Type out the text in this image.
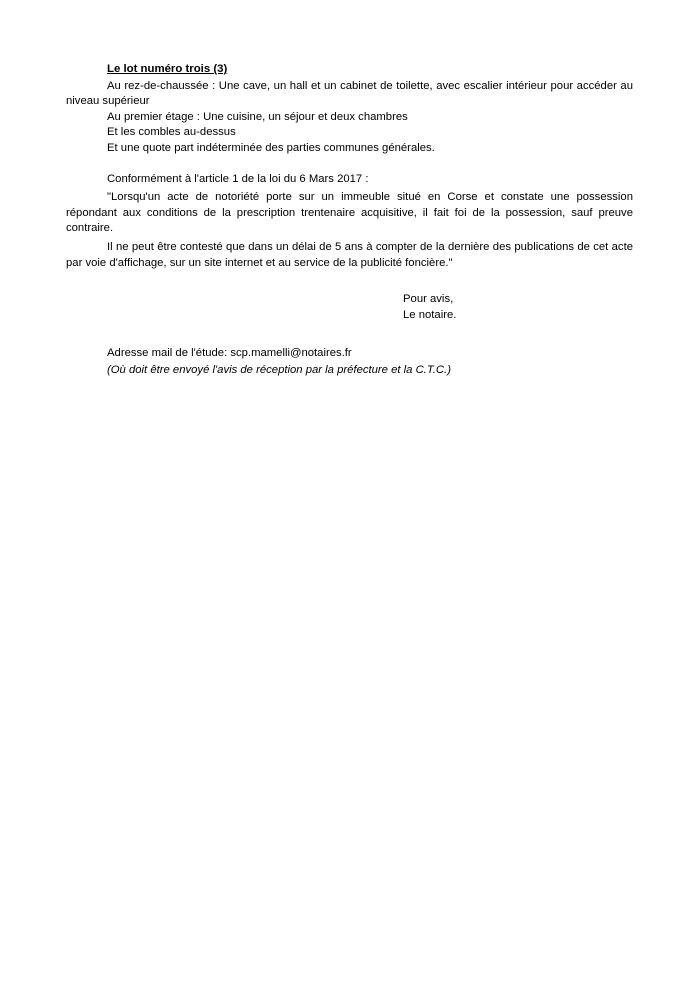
Le lot numéro trois (3)

Au rez-de-chaussée : Une cave, un hall et un cabinet de toilette, avec escalier intérieur pour accéder au niveau supérieur

Au premier étage : Une cuisine, un séjour et deux chambres

Et les combles au-dessus

Et une quote part indéterminée des parties communes générales.

Conformément à l'article 1 de la loi du 6 Mars 2017 :

"Lorsqu'un acte de notoriété porte sur un immeuble situé en Corse et constate une possession répondant aux conditions de la prescription trentenaire acquisitive, il fait foi de la possession, sauf preuve contraire.

Il ne peut être contesté que dans un délai de 5 ans à compter de la dernière des publications de cet acte par voie d'affichage, sur un site internet et au service de la publicité foncière."

Pour avis,

Le notaire.

Adresse mail de l'étude: scp.mamelli@notaires.fr

(Où doit être envoyé l'avis de réception par la préfecture et la C.T.C.)
